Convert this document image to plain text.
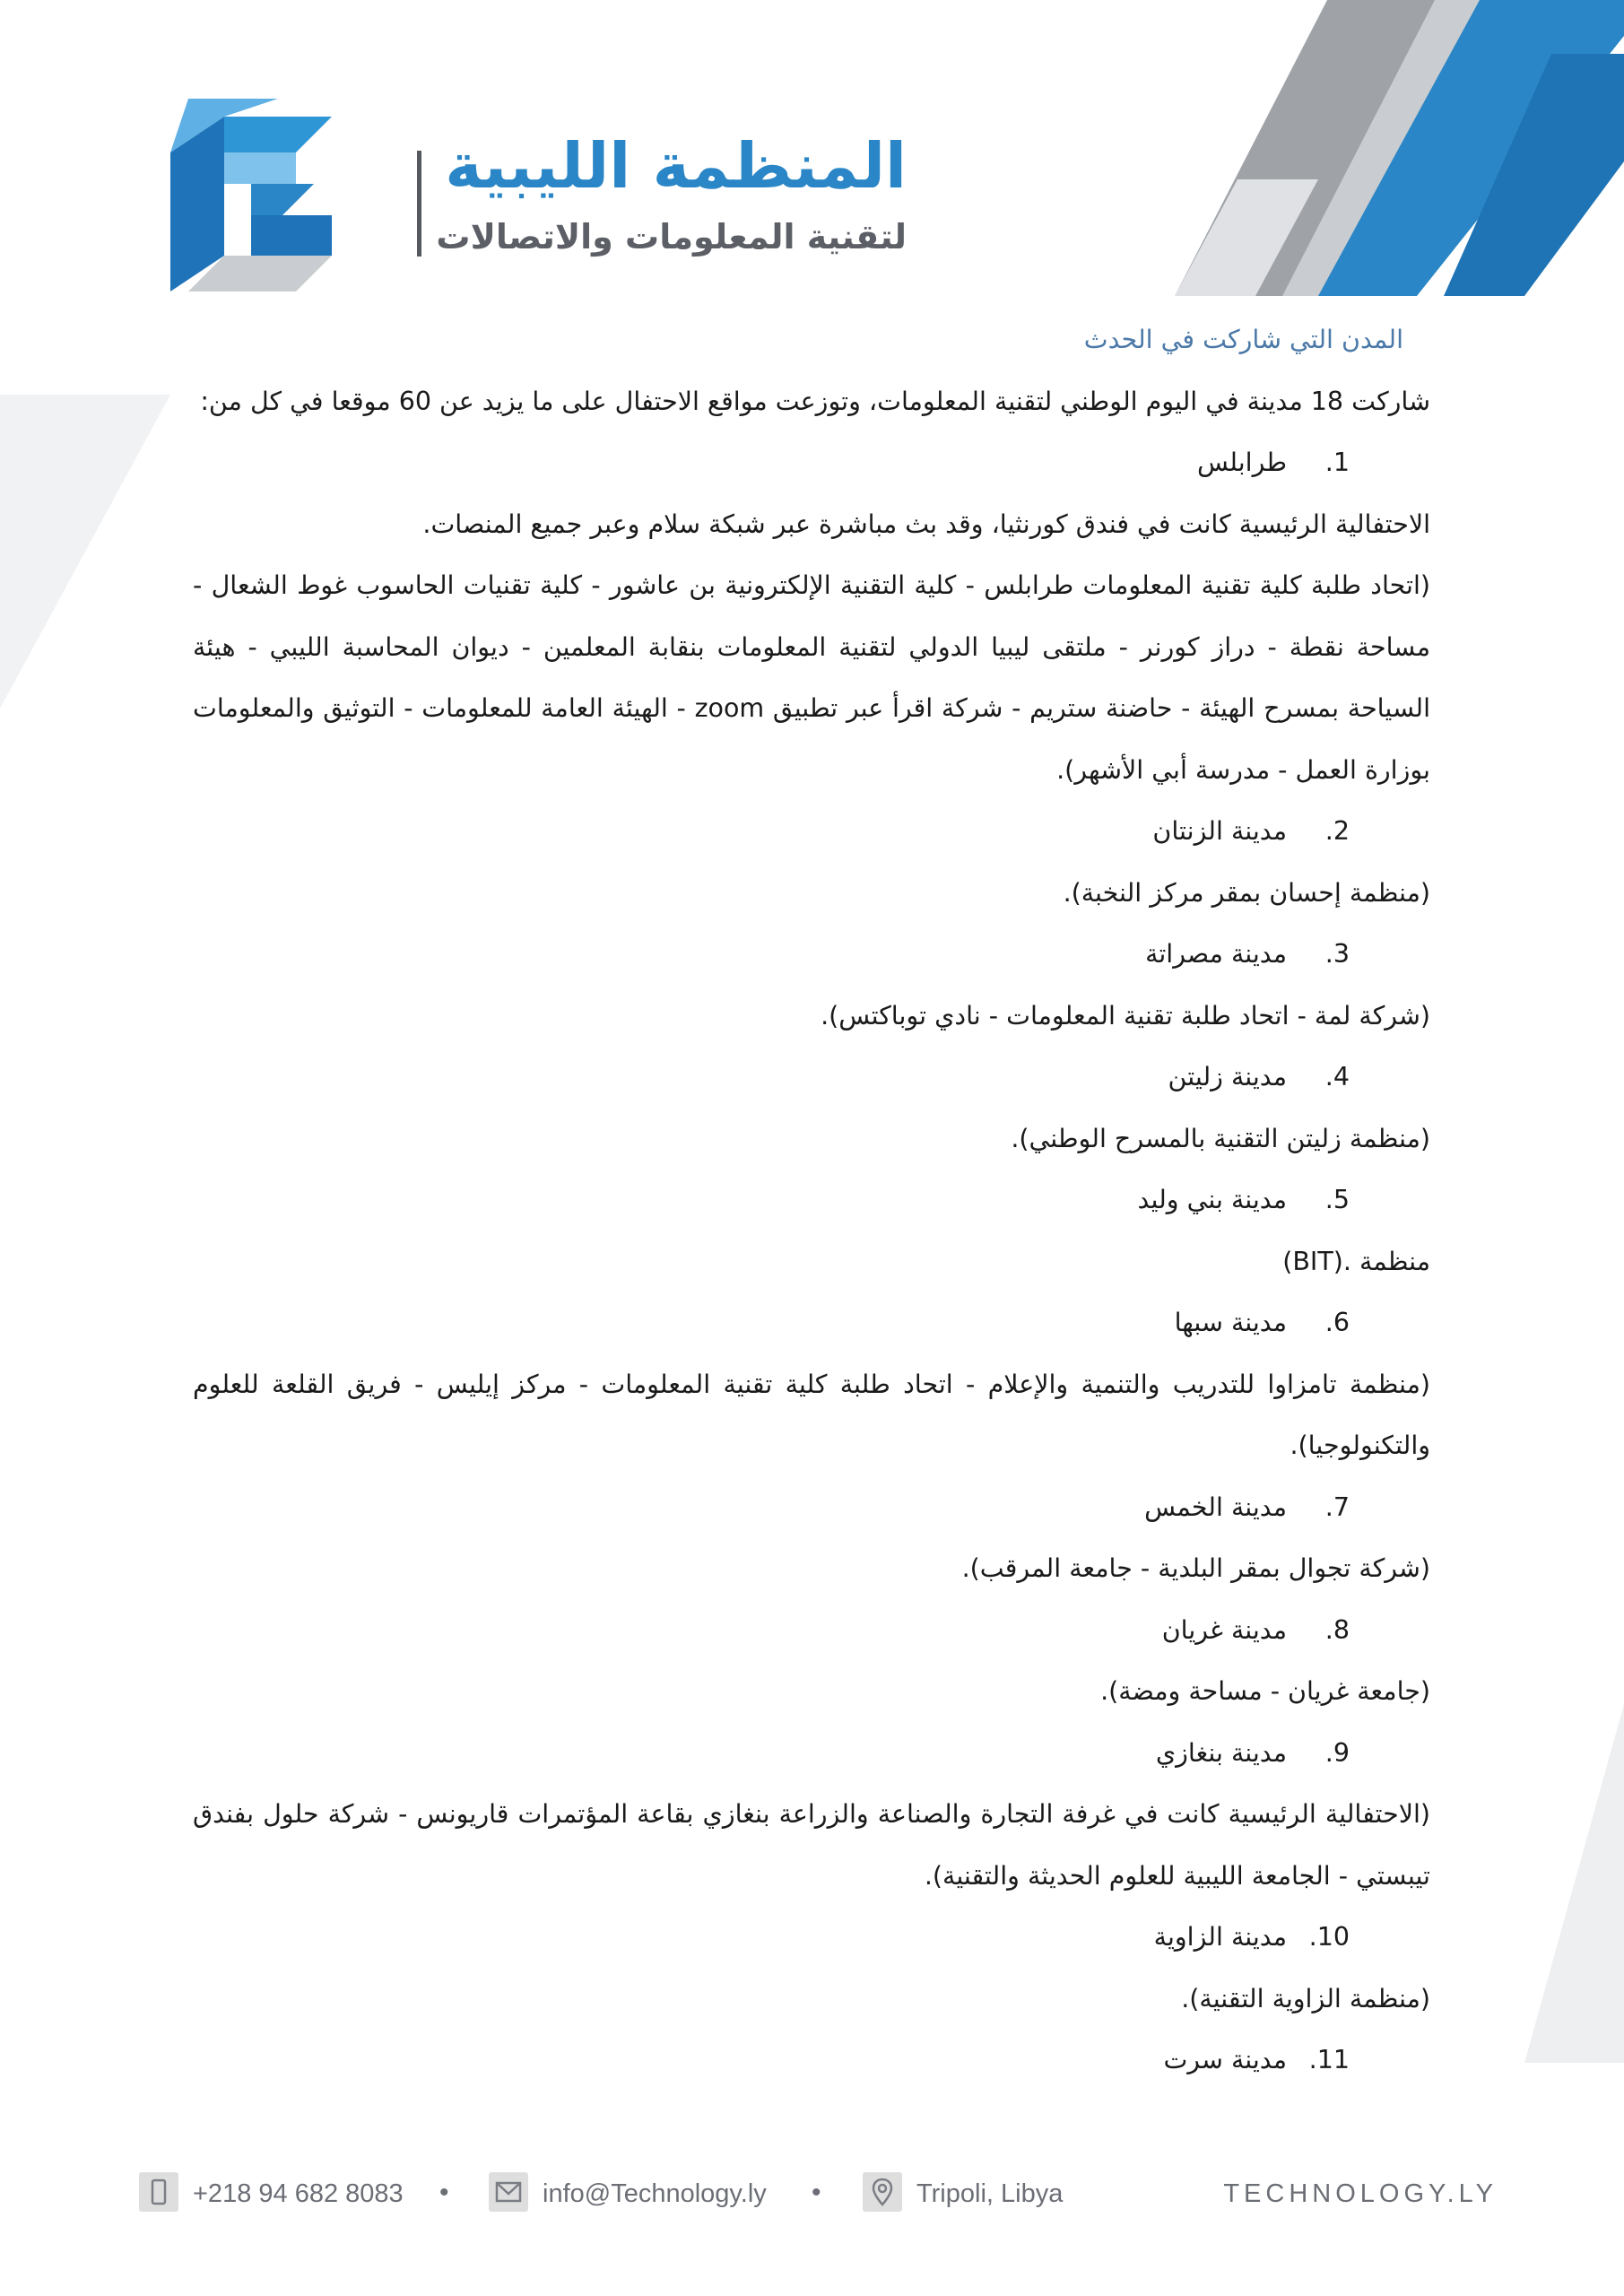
المنظمة الليبية
لتقنية المعلومات والاتصالات

المدن التي شاركت في الحدث

شاركت 18 مدينة في اليوم الوطني لتقنية المعلومات، وتوزعت مواقع الاحتفال على ما يزيد عن 60 موقعا في كل من:

1.طرابلس

الاحتفالية الرئيسية كانت في فندق كورنثيا، وقد بث مباشرة عبر شبكة سلام وعبر جميع المنصات.

(اتحاد طلبة كلية تقنية المعلومات طرابلس - كلية التقنية الإلكترونية بن عاشور - كلية تقنيات الحاسوب غوط الشعال - مساحة نقطة - دراز كورنر - ملتقى ليبيا الدولي لتقنية المعلومات بنقابة المعلمين - ديوان المحاسبة الليبي - هيئة السياحة بمسرح الهيئة - حاضنة ستريم - شركة اقرأ عبر تطبيق zoom - الهيئة العامة للمعلومات - التوثيق والمعلومات بوزارة العمل - مدرسة أبي الأشهر).

2.مدينة الزنتان

(منظمة إحسان بمقر مركز النخبة).

3.مدينة مصراتة

(شركة لمة - اتحاد طلبة تقنية المعلومات - نادي توباكتس).

4.مدينة زليتن

(منظمة زليتن التقنية بالمسرح الوطني).

5.مدينة بني وليد

منظمة .(BIT)

6.مدينة سبها

(منظمة تامزاوا للتدريب والتنمية والإعلام - اتحاد طلبة كلية تقنية المعلومات - مركز إيليس - فريق القلعة للعلوم والتكنولوجيا).

7.مدينة الخمس

(شركة تجوال بمقر البلدية - جامعة المرقب).

8.مدينة غريان

(جامعة غريان - مساحة ومضة).

9.مدينة بنغازي

(الاحتفالية الرئيسية كانت في غرفة التجارة والصناعة والزراعة بنغازي بقاعة المؤتمرات قاريونس - شركة حلول بفندق تيبستي - الجامعة الليبية للعلوم الحديثة والتقنية).

10.مدينة الزاوية

(منظمة الزاوية التقنية).

11.مدينة سرت

+218 94 682 8083 •	info@Technology.ly •	Tripoli, Libya	TECHNOLOGY.LY
